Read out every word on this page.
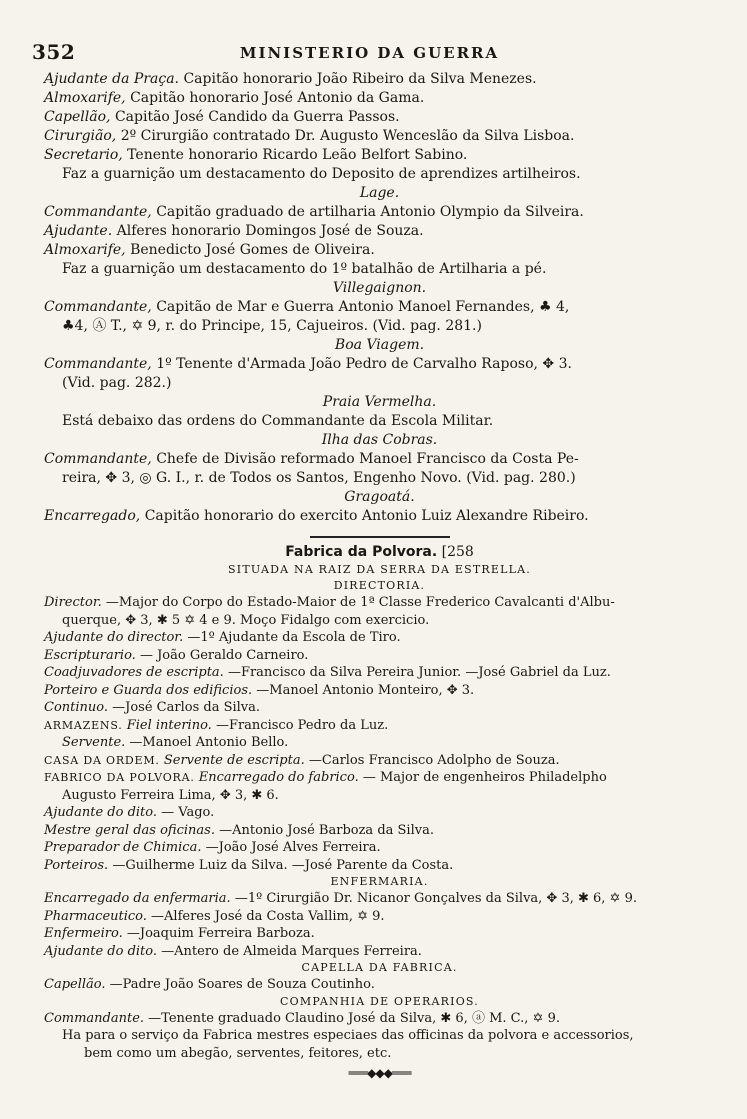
352	MINISTERIO DA GUERRA
Ajudante da Praça. Capitão honorario João Ribeiro da Silva Menezes.
Almoxarife, Capitão honorario José Antonio da Gama.
Capellão, Capitão José Candido da Guerra Passos.
Cirurgião, 2º Cirurgião contratado Dr. Augusto Wenceslão da Silva Lisboa.
Secretario, Tenente honorario Ricardo Leão Belfort Sabino.
Faz a guarnição um destacamento do Deposito de aprendizes artilheiros.
Lage.
Commandante, Capitão graduado de artilharia Antonio Olympio da Silveira.
Ajudante. Alferes honorario Domingos José de Souza.
Almoxarife, Benedicto José Gomes de Oliveira.
Faz a guarnição um destacamento do 1º batalhão de Artilharia a pé.
Villegaignon.
Commandante, Capitão de Mar e Guerra Antonio Manoel Fernandes, ♣ 4,
♣4, Ⓐ T., ✡ 9, r. do Principe, 15, Cajueiros. (Vid. pag. 281.)
Boa Viagem.
Commandante, 1º Tenente d'Armada João Pedro de Carvalho Raposo, ✥ 3.
(Vid. pag. 282.)
Praia Vermelha.
Está debaixo das ordens do Commandante da Escola Militar.
Ilha das Cobras.
Commandante, Chefe de Divisão reformado Manoel Francisco da Costa Pe-
reira, ✥ 3, ◎ G. I., r. de Todos os Santos, Engenho Novo. (Vid. pag. 280.)
Gragoatá.
Encarregado, Capitão honorario do exercito Antonio Luiz Alexandre Ribeiro.
Fabrica da Polvora. [258
SITUADA NA RAIZ DA SERRA DA ESTRELLA.
DIRECTORIA.
Director. —Major do Corpo do Estado-Maior de 1ª Classe Frederico Cavalcanti d'Albu-
querque, ✥ 3, ✱ 5 ✡ 4 e 9. Moço Fidalgo com exercicio.
Ajudante do director. —1º Ajudante da Escola de Tiro.
Escripturario. — João Geraldo Carneiro.
Coadjuvadores de escripta. —Francisco da Silva Pereira Junior. —José Gabriel da Luz.
Porteiro e Guarda dos edificios. —Manoel Antonio Monteiro, ✥ 3.
Continuo. —José Carlos da Silva.
ARMAZENS. Fiel interino. —Francisco Pedro da Luz.
Servente. —Manoel Antonio Bello.
CASA DA ORDEM. Servente de escripta. —Carlos Francisco Adolpho de Souza.
FABRICO DA POLVORA. Encarregado do fabrico. — Major de engenheiros Philadelpho
Augusto Ferreira Lima, ✥ 3, ✱ 6.
Ajudante do dito. — Vago.
Mestre geral das oficinas. —Antonio José Barboza da Silva.
Preparador de Chimica. —João José Alves Ferreira.
Porteiros. —Guilherme Luiz da Silva. —José Parente da Costa.
ENFERMARIA.
Encarregado da enfermaria. —1º Cirurgião Dr. Nicanor Gonçalves da Silva, ✥ 3, ✱ 6, ✡ 9.
Pharmaceutico. —Alferes José da Costa Vallim, ✡ 9.
Enfermeiro. —Joaquim Ferreira Barboza.
Ajudante do dito. —Antero de Almeida Marques Ferreira.
CAPELLA DA FABRICA.
Capellão. —Padre João Soares de Souza Coutinho.
COMPANHIA DE OPERARIOS.
Commandante. —Tenente graduado Claudino José da Silva, ✱ 6, ⓐ M. C., ✡ 9.
Ha para o serviço da Fabrica mestres especiaes das officinas da polvora e accessorios,
bem como um abegão, serventes, feitores, etc.
═══◆◆◆═══
